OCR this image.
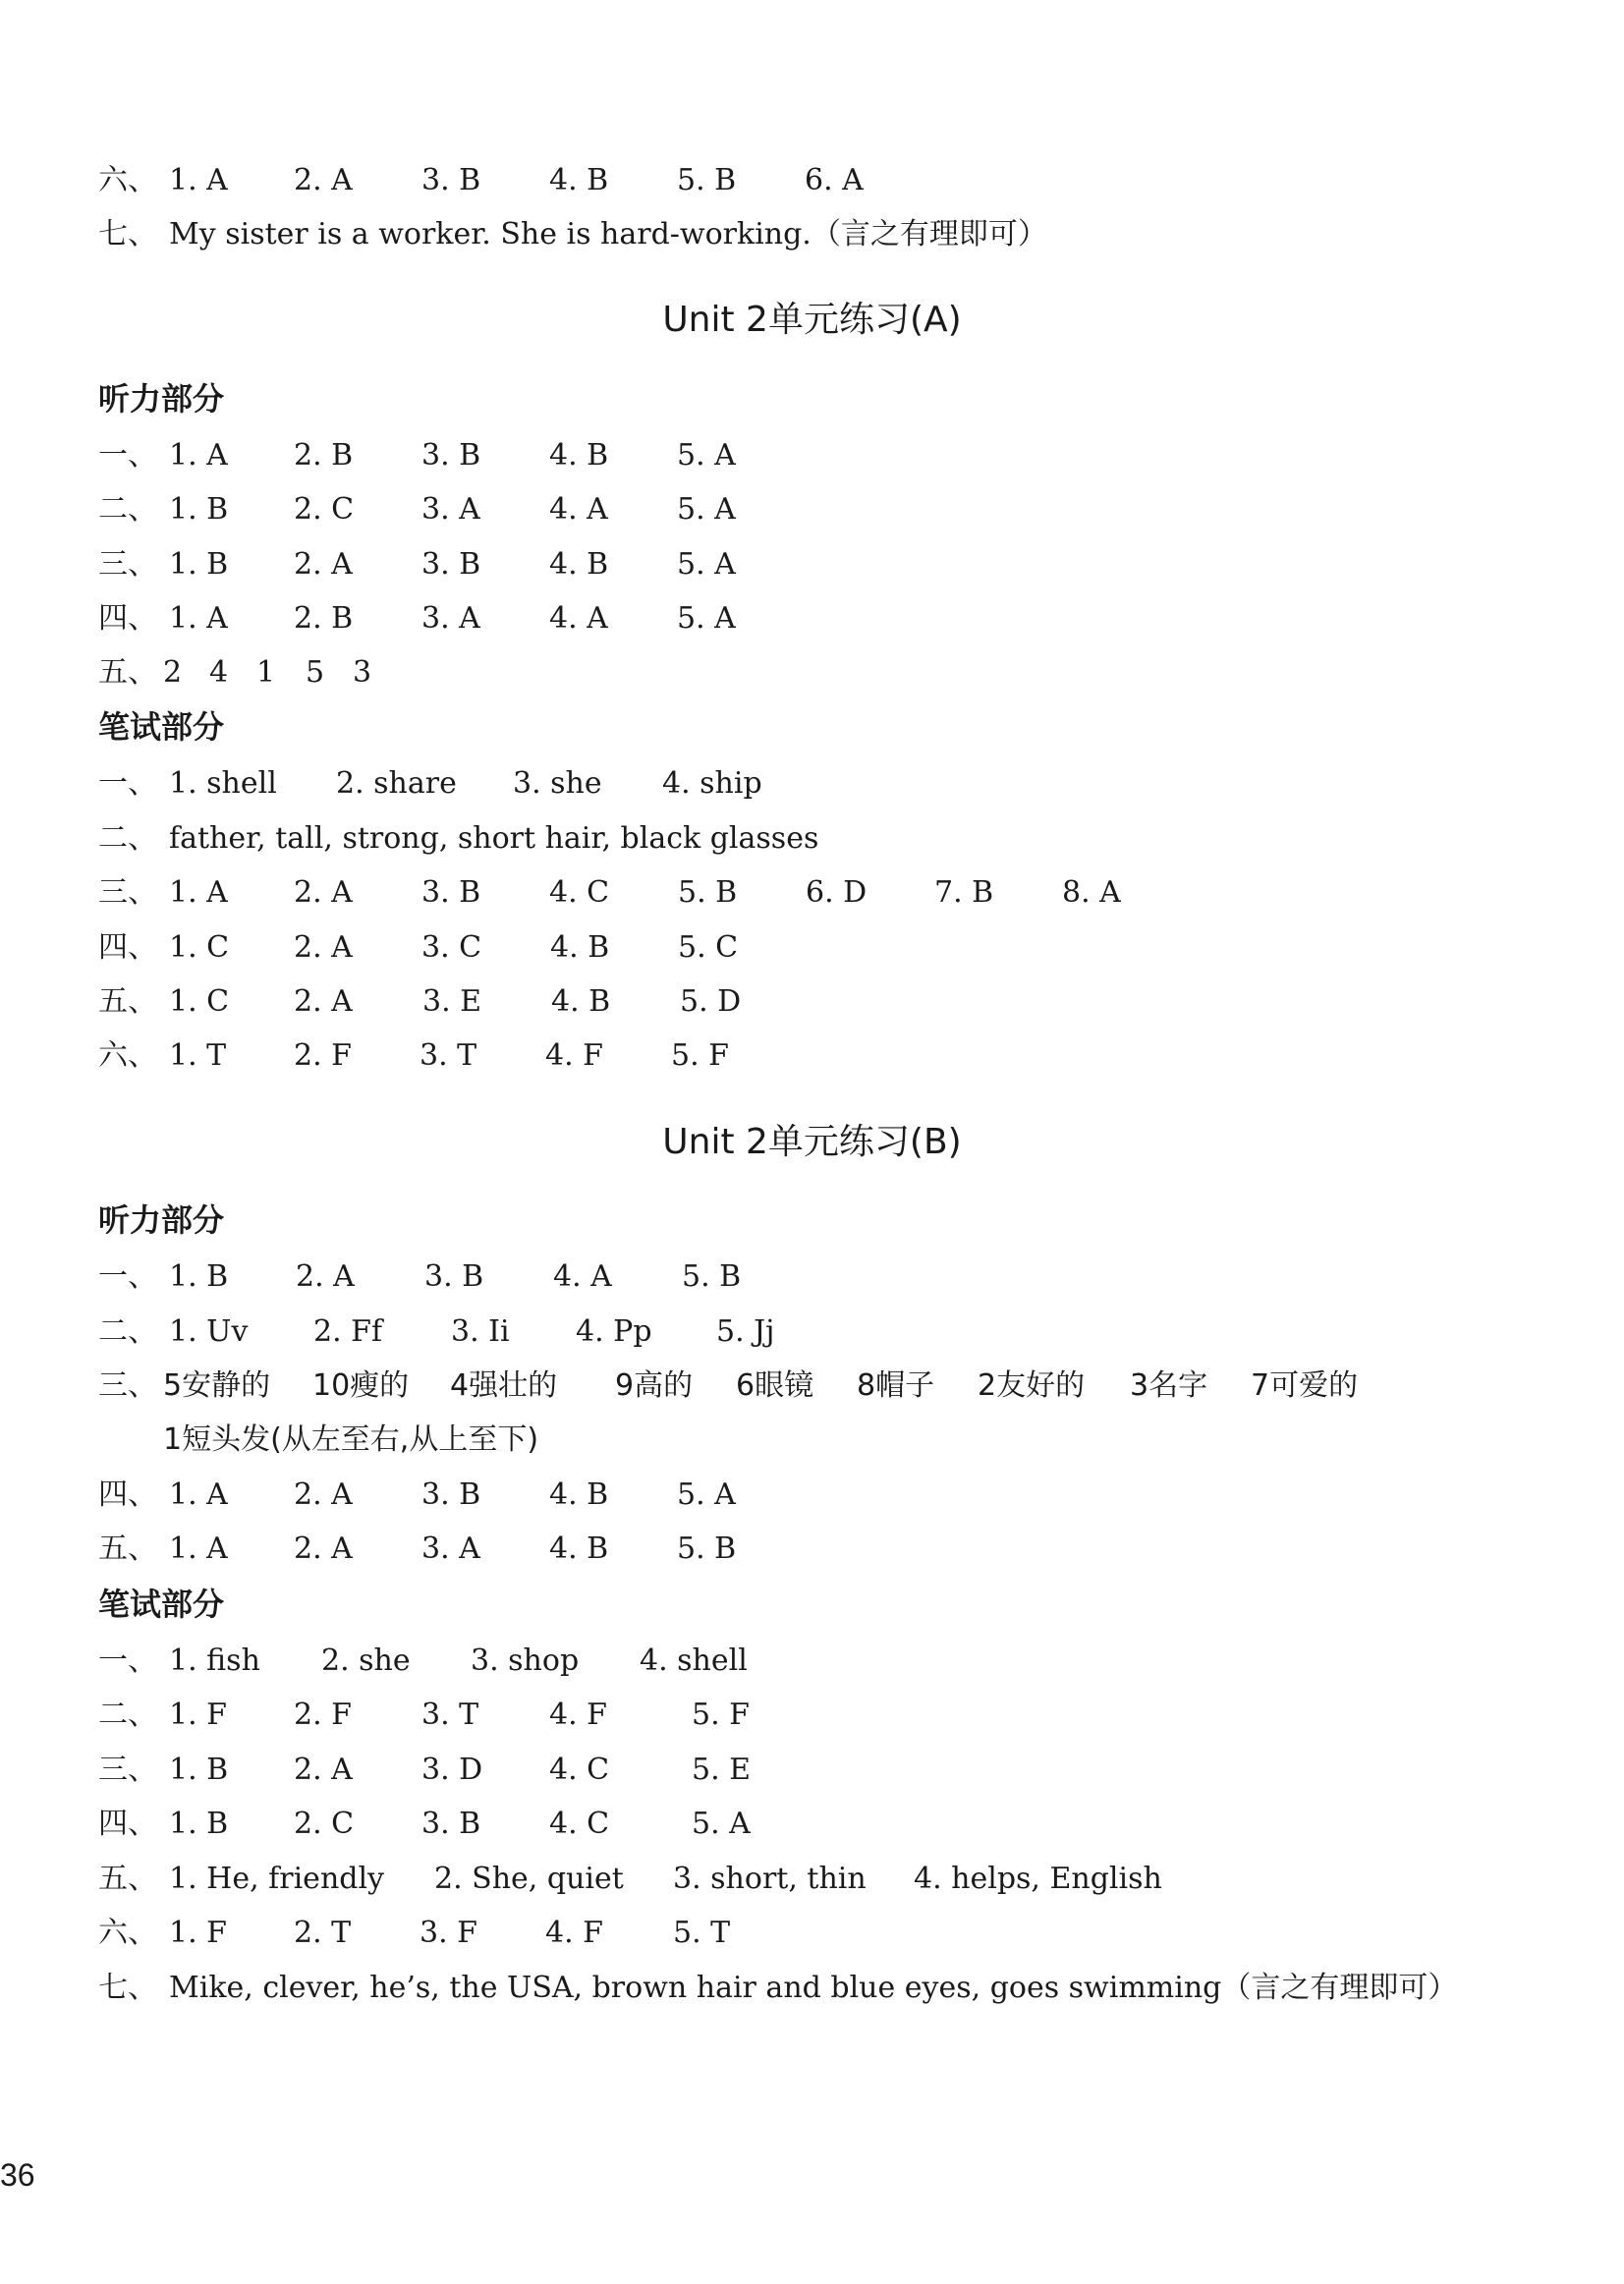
六、 1. A 2. A 3. B 4. B 5. B 6. A
七、 My sister is a worker. She is hard-working.（言之有理即可）
Unit 2单元练习(A)
听力部分
一、 1. A 2. B 3. B 4. B 5. A
二、 1. B 2. C 3. A 4. A 5. A
三、 1. B 2. A 3. B 4. B 5. A
四、 1. A 2. B 3. A 4. A 5. A
五、 2 4 1 5 3
笔试部分
一、 1. shell 2. share 3. she 4. ship
二、 father, tall, strong, short hair, black glasses
三、 1. A 2. A 3. B 4. C 5. B 6. D 7. B 8. A
四、 1. C 2. A 3. C 4. B 5. C
五、 1. C 2. A 3. E 4. B 5. D
六、 1. T 2. F 3. T 4. F 5. F
Unit 2单元练习(B)
听力部分
一、 1. B 2. A 3. B 4. A 5. B
二、 1. Uv 2. Ff 3. Ii 4. Pp 5. Jj
三、 5安静的 10瘦的 4强壮的 9高的 6眼镜 8帽子 2友好的 3名字 7可爱的
1短头发(从左至右,从上至下)
四、 1. A 2. A 3. B 4. B 5. A
五、 1. A 2. A 3. A 4. B 5. B
笔试部分
一、 1. fish 2. she 3. shop 4. shell
二、 1. F 2. F 3. T 4. F	5. F
三、 1. B 2. A 3. D 4. C	5. E
四、 1. B 2. C 3. B 4. C	5. A
五、 1. He, friendly 2. She, quiet 3. short, thin 4. helps, English
六、 1. F 2. T 3. F 4. F 5. T
七、 Mike, clever, he’s, the USA, brown hair and blue eyes, goes swimming（言之有理即可）
36
